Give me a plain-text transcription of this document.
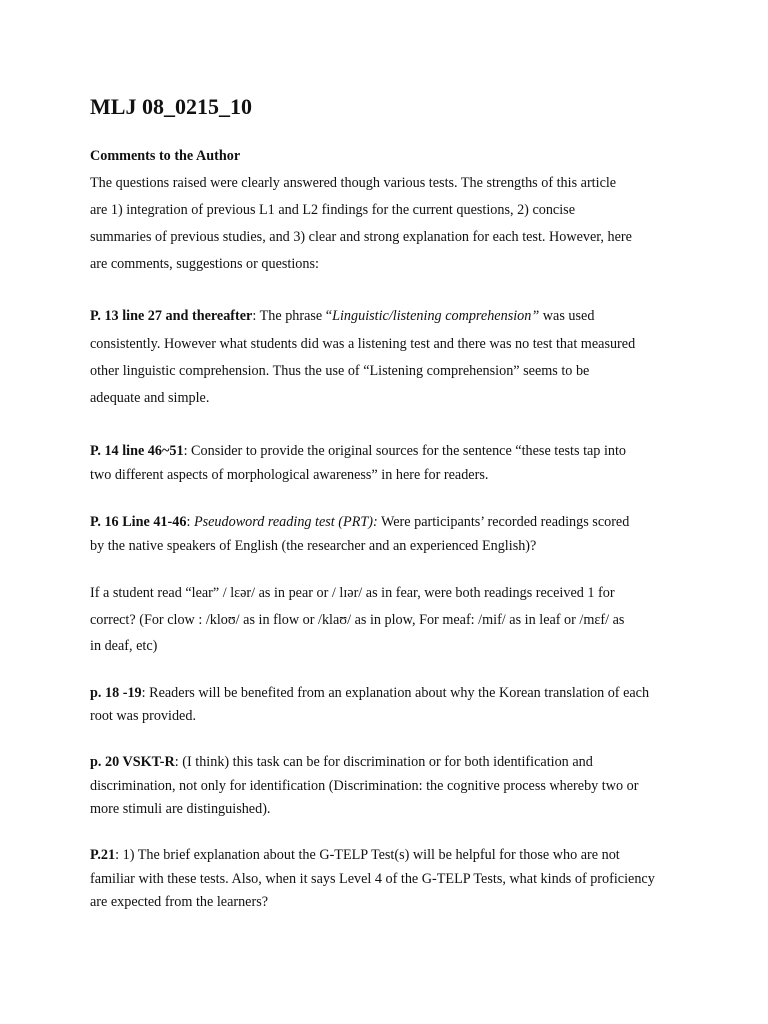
MLJ 08_0215_10
Comments to the Author
The questions raised were clearly answered though various tests. The strengths of this article
are 1) integration of previous L1 and L2 findings for the current questions, 2) concise
summaries of previous studies, and 3) clear and strong explanation for each test. However, here
are comments, suggestions or questions:
P. 13 line 27 and thereafter: The phrase “Linguistic/listening comprehension” was used
consistently. However what students did was a listening test and there was no test that measured
other linguistic comprehension. Thus the use of “Listening comprehension” seems to be
adequate and simple.
P. 14 line 46~51: Consider to provide the original sources for the sentence “these tests tap into
two different aspects of morphological awareness” in here for readers.
P. 16 Line 41-46: Pseudoword reading test (PRT): Were participants’ recorded readings scored
by the native speakers of English (the researcher and an experienced English)?
If a student read “lear” / lɛər/ as in pear or / lɪər/ as in fear, were both readings received 1 for
correct? (For clow : /kloʊ/ as in flow or /klaʊ/ as in plow, For meaf: /mif/ as in leaf or /mɛf/ as
in deaf, etc)
p. 18 -19: Readers will be benefited from an explanation about why the Korean translation of each
root was provided.
p. 20 VSKT-R: (I think) this task can be for discrimination or for both identification and
discrimination, not only for identification (Discrimination: the cognitive process whereby two or
more stimuli are distinguished).
P.21: 1) The brief explanation about the G-TELP Test(s) will be helpful for those who are not
familiar with these tests. Also, when it says Level 4 of the G-TELP Tests, what kinds of proficiency
are expected from the learners?
